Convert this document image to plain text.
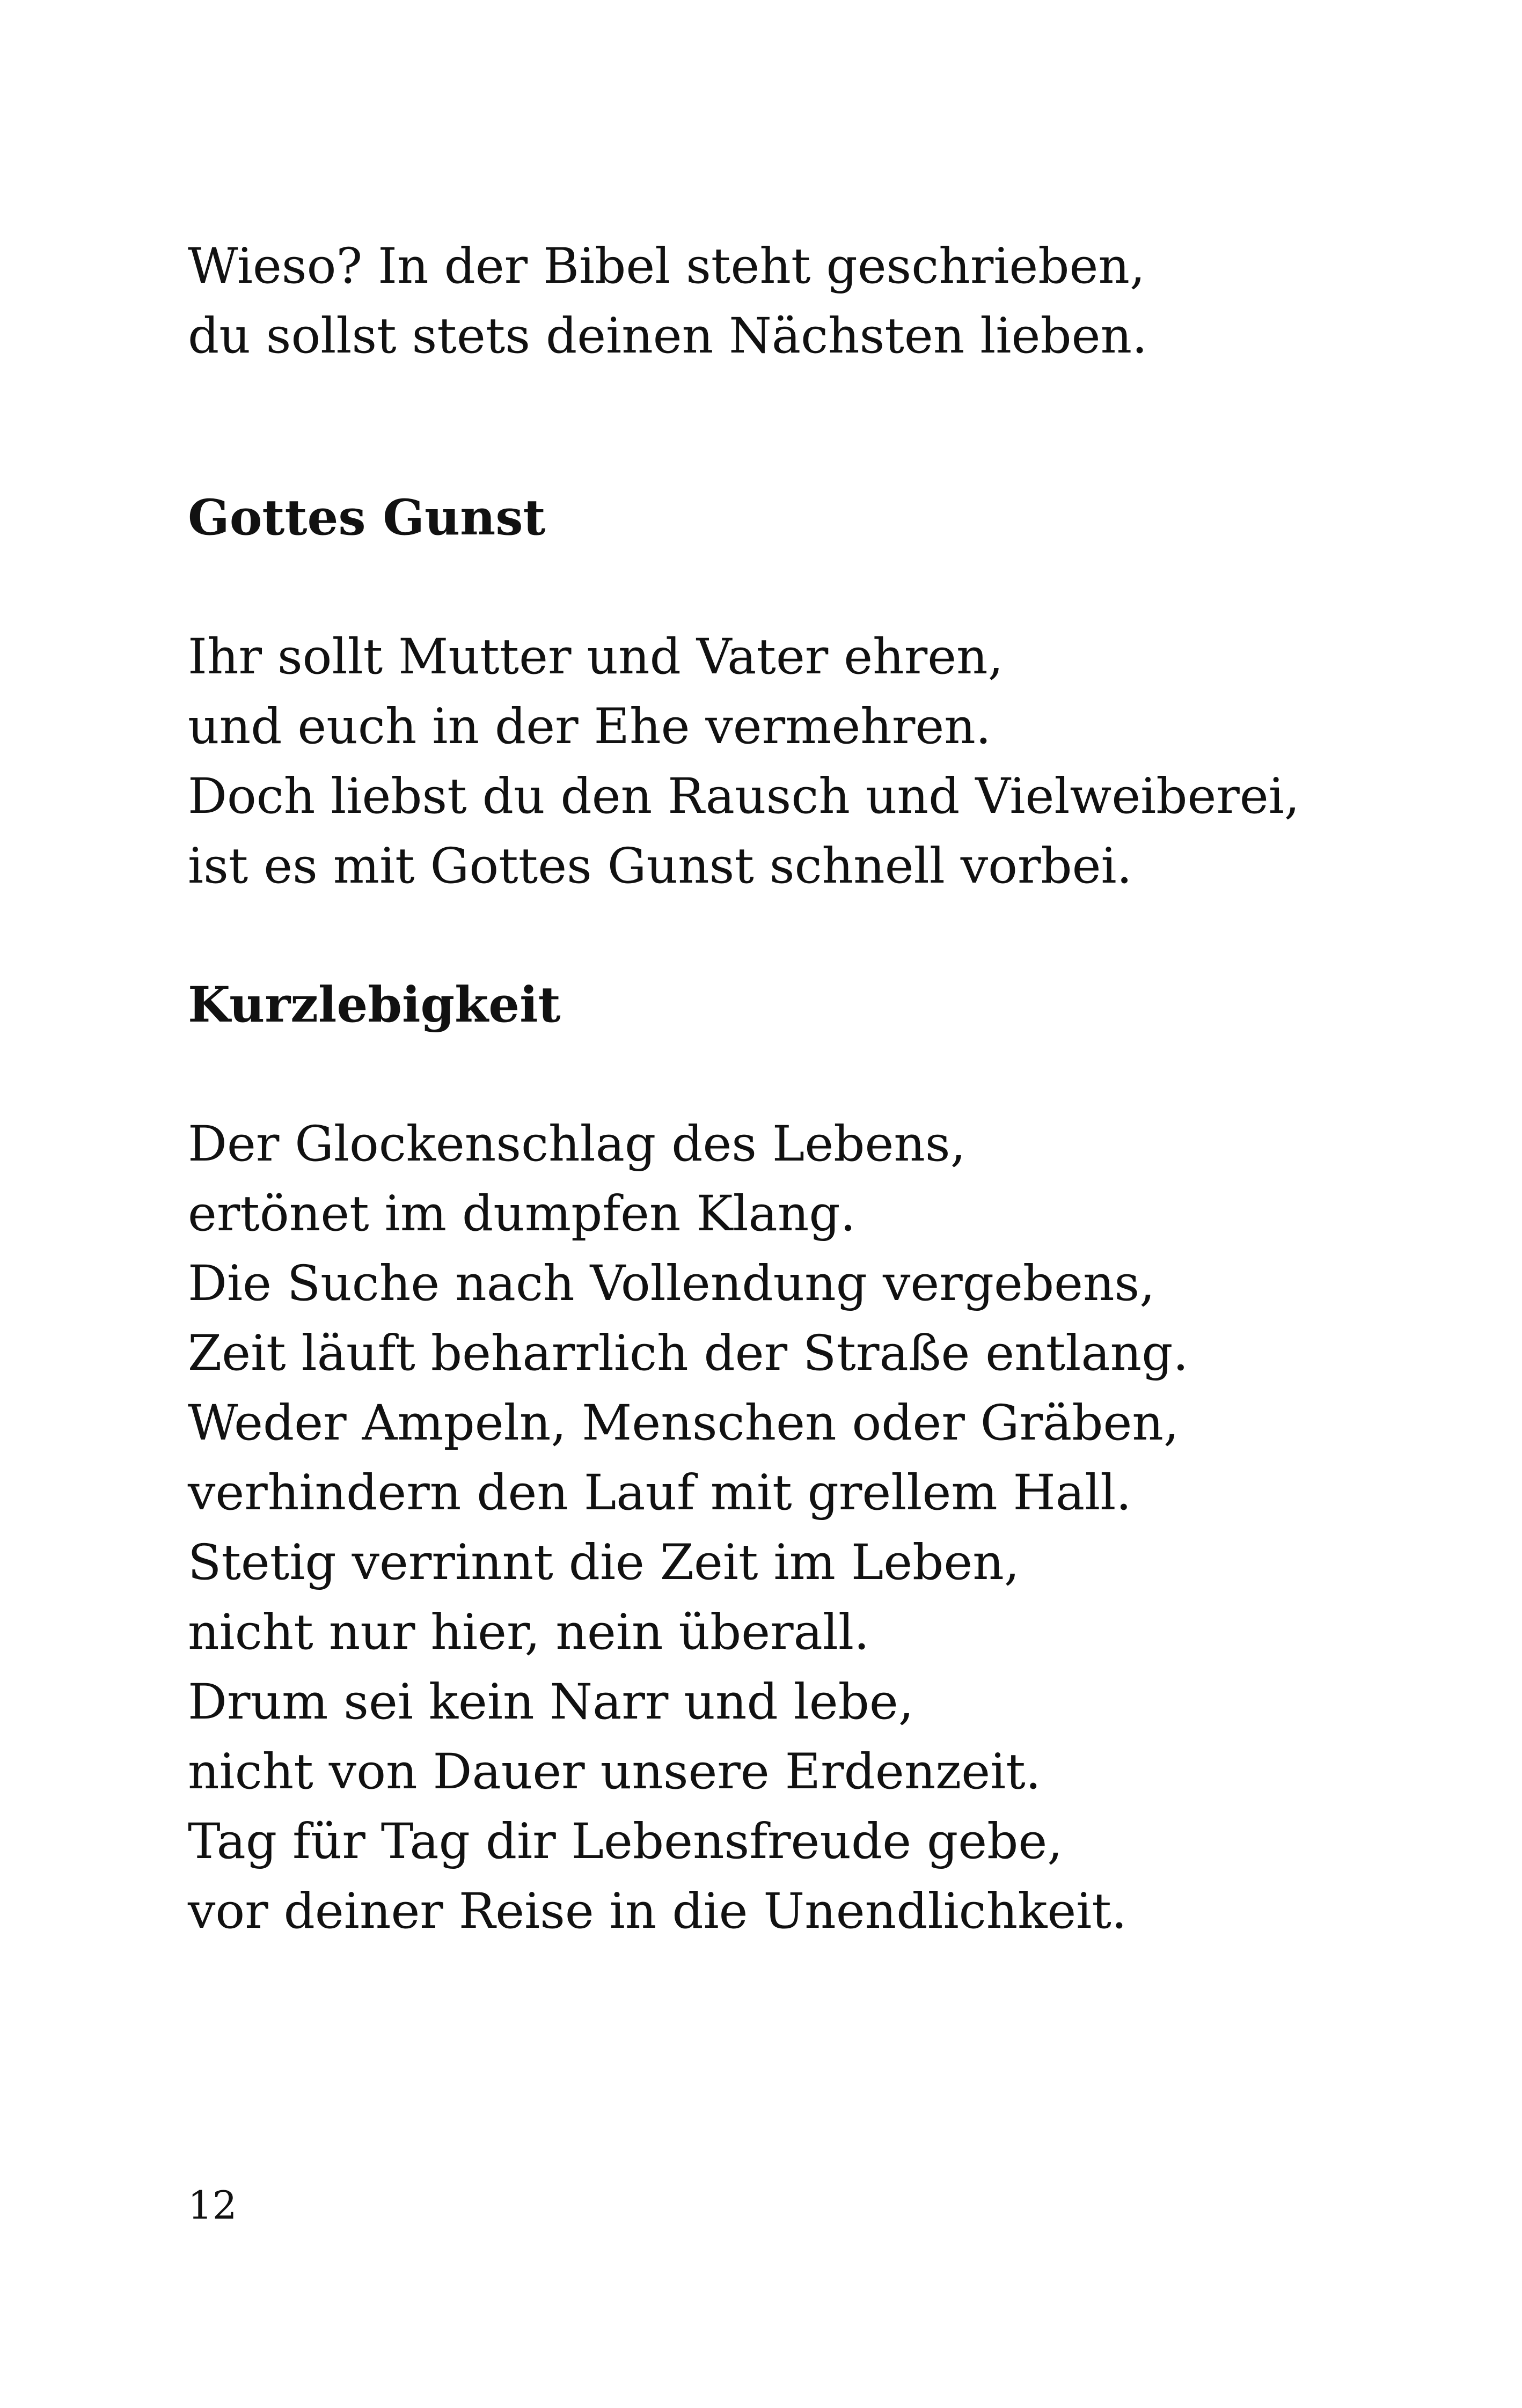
Wieso? In der Bibel steht geschrieben,
du sollst stets deinen Nächsten lieben.
Gottes Gunst
Ihr sollt Mutter und Vater ehren,
und euch in der Ehe vermehren.
Doch liebst du den Rausch und Vielweiberei,
ist es mit Gottes Gunst schnell vorbei.
Kurzlebigkeit
Der Glockenschlag des Lebens,
ertönet im dumpfen Klang.
Die Suche nach Vollendung vergebens,
Zeit läuft beharrlich der Straße entlang.
Weder Ampeln, Menschen oder Gräben,
verhindern den Lauf mit grellem Hall.
Stetig verrinnt die Zeit im Leben,
nicht nur hier, nein überall.
Drum sei kein Narr und lebe,
nicht von Dauer unsere Erdenzeit.
Tag für Tag dir Lebensfreude gebe,
vor deiner Reise in die Unendlichkeit.
12
